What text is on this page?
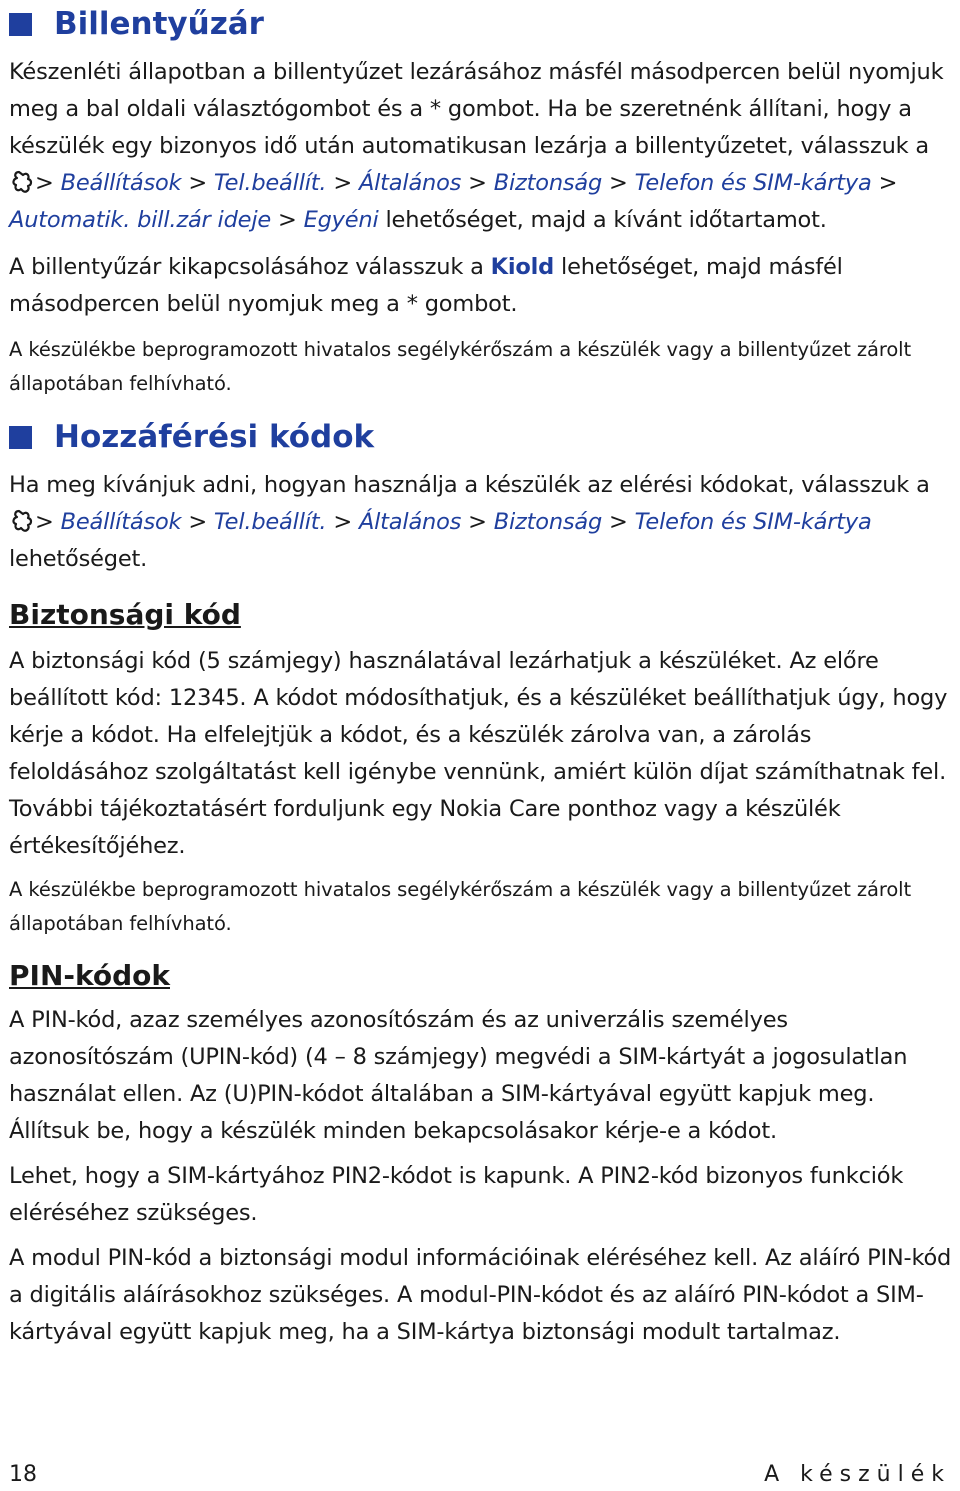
Billentyűzár

Készenléti állapotban a billentyűzet lezárásához másfél másodpercen belül nyomjuk meg a bal oldali választógombot és a * gombot. Ha be szeretnénk állítani, hogy a készülék egy bizonyos idő után automatikusan lezárja a billentyűzetet, válasszuk a > Beállítások > Tel.beállít. > Általános > Biztonság > Telefon és SIM-kártya > Automatik. bill.zár ideje > Egyéni lehetőséget, majd a kívánt időtartamot.

A billentyűzár kikapcsolásához válasszuk a Kiold lehetőséget, majd másfél másodpercen belül nyomjuk meg a * gombot.

A készülékbe beprogramozott hivatalos segélykérőszám a készülék vagy a billentyűzet zárolt állapotában felhívható.

Hozzáférési kódok

Ha meg kívánjuk adni, hogyan használja a készülék az elérési kódokat, válasszuk a > Beállítások > Tel.beállít. > Általános > Biztonság > Telefon és SIM-kártya lehetőséget.

Biztonsági kód

A biztonsági kód (5 számjegy) használatával lezárhatjuk a készüléket. Az előre beállított kód: 12345. A kódot módosíthatjuk, és a készüléket beállíthatjuk úgy, hogy kérje a kódot. Ha elfelejtjük a kódot, és a készülék zárolva van, a zárolás feloldásához szolgáltatást kell igénybe vennünk, amiért külön díjat számíthatnak fel. További tájékoztatásért forduljunk egy Nokia Care ponthoz vagy a készülék értékesítőjéhez.

A készülékbe beprogramozott hivatalos segélykérőszám a készülék vagy a billentyűzet zárolt állapotában felhívható.

PIN-kódok

A PIN-kód, azaz személyes azonosítószám és az univerzális személyes azonosítószám (UPIN-kód) (4 – 8 számjegy) megvédi a SIM-kártyát a jogosulatlan használat ellen. Az (U)PIN-kódot általában a SIM-kártyával együtt kapjuk meg. Állítsuk be, hogy a készülék minden bekapcsolásakor kérje-e a kódot.

Lehet, hogy a SIM-kártyához PIN2-kódot is kapunk. A PIN2-kód bizonyos funkciók eléréséhez szükséges.

A modul PIN-kód a biztonsági modul információinak eléréséhez kell. Az aláíró PIN-kód a digitális aláírásokhoz szükséges. A modul-PIN-kódot és az aláíró PIN-kódot a SIM-kártyával együtt kapjuk meg, ha a SIM-kártya biztonsági modult tartalmaz.

18	A készülék
